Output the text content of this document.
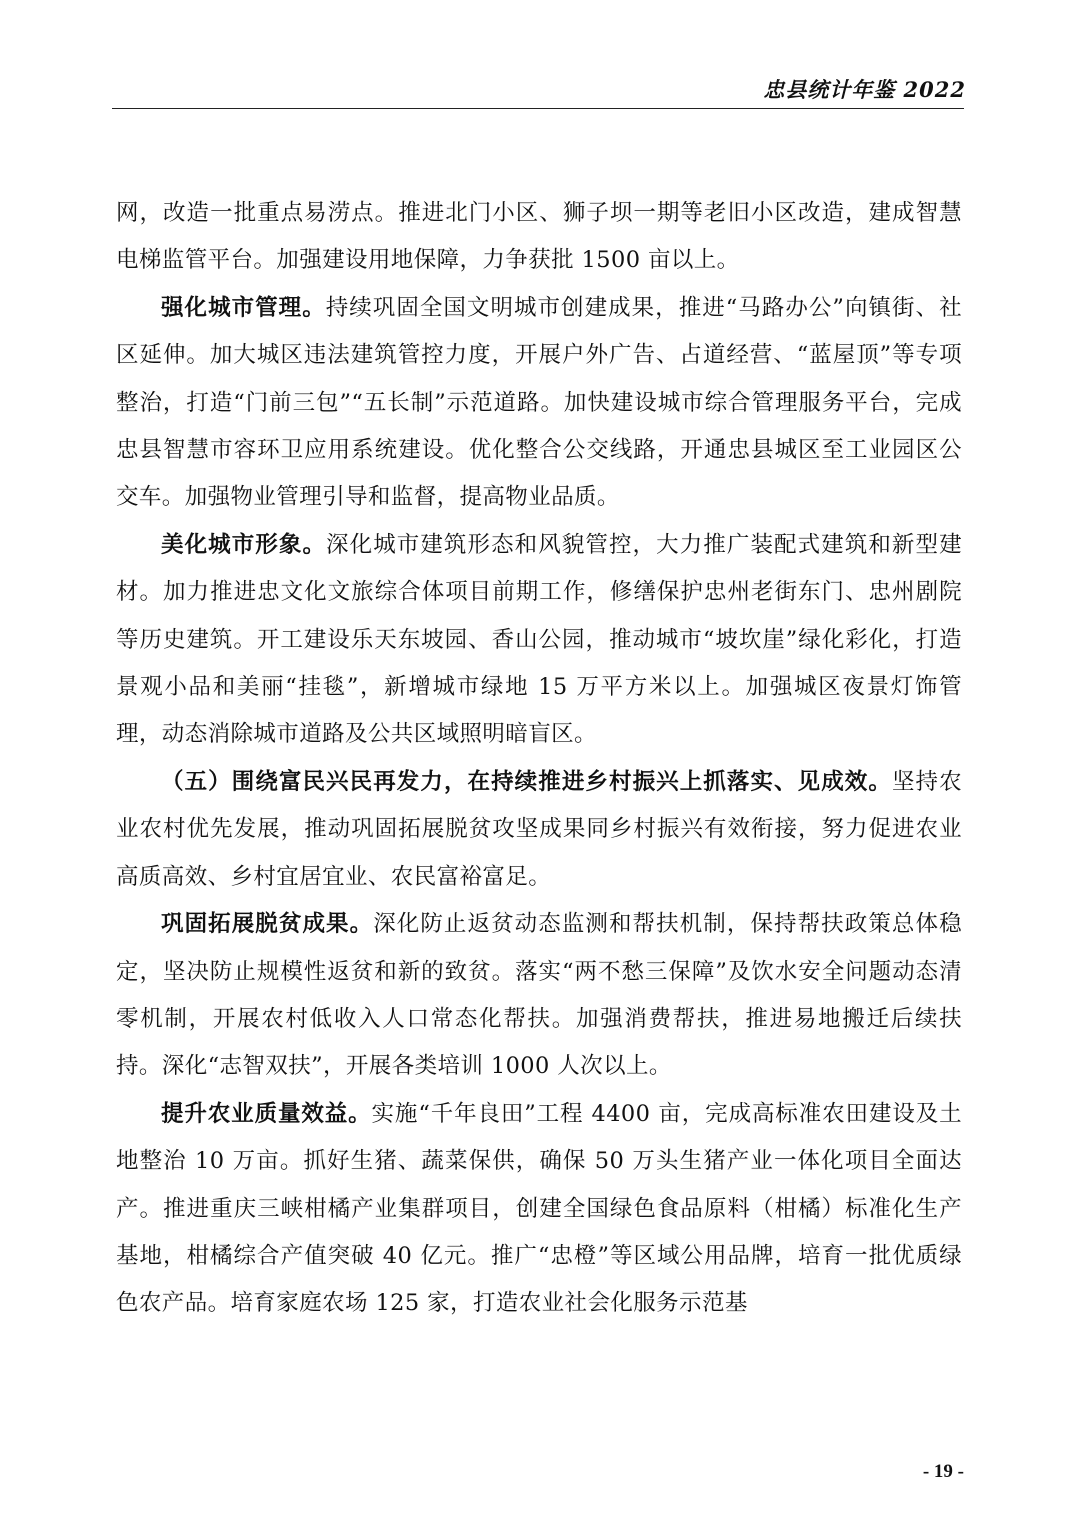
忠县统计年鉴 2022

网，改造一批重点易涝点。推进北门小区、狮子坝一期等老旧小区改造，建成智慧电梯监管平台。加强建设用地保障，力争获批 1500 亩以上。

强化城市管理。持续巩固全国文明城市创建成果，推进“马路办公”向镇街、社区延伸。加大城区违法建筑管控力度，开展户外广告、占道经营、“蓝屋顶”等专项整治，打造“门前三包”“五长制”示范道路。加快建设城市综合管理服务平台，完成忠县智慧市容环卫应用系统建设。优化整合公交线路，开通忠县城区至工业园区公交车。加强物业管理引导和监督，提高物业品质。

美化城市形象。深化城市建筑形态和风貌管控，大力推广装配式建筑和新型建材。加力推进忠文化文旅综合体项目前期工作，修缮保护忠州老街东门、忠州剧院等历史建筑。开工建设乐天东坡园、香山公园，推动城市“坡坎崖”绿化彩化，打造景观小品和美丽“挂毯”，新增城市绿地 15 万平方米以上。加强城区夜景灯饰管理，动态消除城市道路及公共区域照明暗盲区。

（五）围绕富民兴民再发力，在持续推进乡村振兴上抓落实、见成效。坚持农业农村优先发展，推动巩固拓展脱贫攻坚成果同乡村振兴有效衔接，努力促进农业高质高效、乡村宜居宜业、农民富裕富足。

巩固拓展脱贫成果。深化防止返贫动态监测和帮扶机制，保持帮扶政策总体稳定，坚决防止规模性返贫和新的致贫。落实“两不愁三保障”及饮水安全问题动态清零机制，开展农村低收入人口常态化帮扶。加强消费帮扶，推进易地搬迁后续扶持。深化“志智双扶”，开展各类培训 1000 人次以上。

提升农业质量效益。实施“千年良田”工程 4400 亩，完成高标准农田建设及土地整治 10 万亩。抓好生猪、蔬菜保供，确保 50 万头生猪产业一体化项目全面达产。推进重庆三峡柑橘产业集群项目，创建全国绿色食品原料（柑橘）标准化生产基地，柑橘综合产值突破 40 亿元。推广“忠橙”等区域公用品牌，培育一批优质绿色农产品。培育家庭农场 125 家，打造农业社会化服务示范基

- 19 -
